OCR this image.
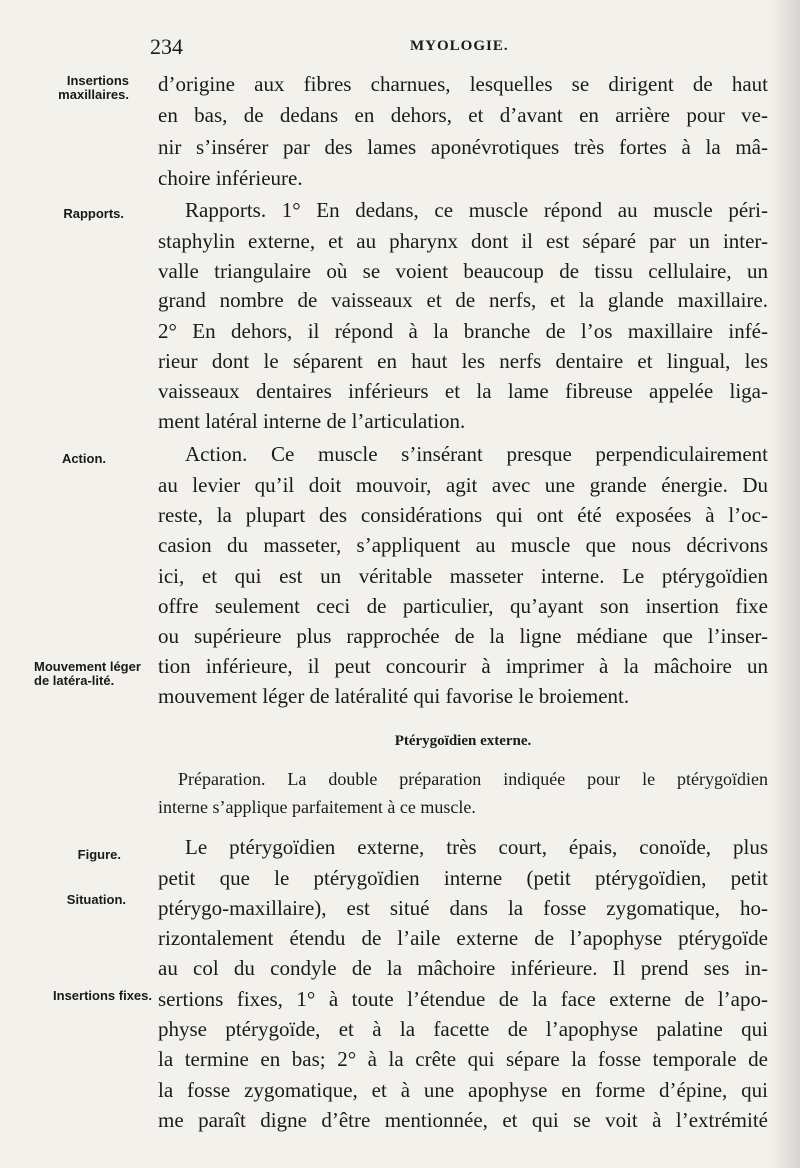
234	MYOLOGIE.
Insertions maxillaires.
Rapports.
Action.
Mouvement léger de latéra-lité.
Figure.
Situation.
Insertions fixes.
d’origine aux fibres charnues, lesquelles se dirigent de haut
en bas, de dedans en dehors, et d’avant en arrière pour ve-
nir s’insérer par des lames aponévrotiques très fortes à la mâ-
choire inférieure.
Rapports. 1° En dedans, ce muscle répond au muscle péri-
staphylin externe, et au pharynx dont il est séparé par un inter-
valle triangulaire où se voient beaucoup de tissu cellulaire, un
grand nombre de vaisseaux et de nerfs, et la glande maxillaire.
2° En dehors, il répond à la branche de l’os maxillaire infé-
rieur dont le séparent en haut les nerfs dentaire et lingual, les
vaisseaux dentaires inférieurs et la lame fibreuse appelée liga-
ment latéral interne de l’articulation.
Action. Ce muscle s’insérant presque perpendiculairement
au levier qu’il doit mouvoir, agit avec une grande énergie. Du
reste, la plupart des considérations qui ont été exposées à l’oc-
casion du masseter, s’appliquent au muscle que nous décrivons
ici, et qui est un véritable masseter interne. Le ptérygoïdien
offre seulement ceci de particulier, qu’ayant son insertion fixe
ou supérieure plus rapprochée de la ligne médiane que l’inser-
tion inférieure, il peut concourir à imprimer à la mâchoire un
mouvement léger de latéralité qui favorise le broiement.
Ptérygoïdien externe.
Préparation. La double préparation indiquée pour le ptérygoïdien
interne s’applique parfaitement à ce muscle.
Le ptérygoïdien externe, très court, épais, conoïde, plus
petit que le ptérygoïdien interne (petit ptérygoïdien, petit
ptérygo-maxillaire), est situé dans la fosse zygomatique, ho-
rizontalement étendu de l’aile externe de l’apophyse ptérygoïde
au col du condyle de la mâchoire inférieure. Il prend ses in-
sertions fixes, 1° à toute l’étendue de la face externe de l’apo-
physe ptérygoïde, et à la facette de l’apophyse palatine qui
la termine en bas; 2° à la crête qui sépare la fosse temporale de
la fosse zygomatique, et à une apophyse en forme d’épine, qui
me paraît digne d’être mentionnée, et qui se voit à l’extrémité
